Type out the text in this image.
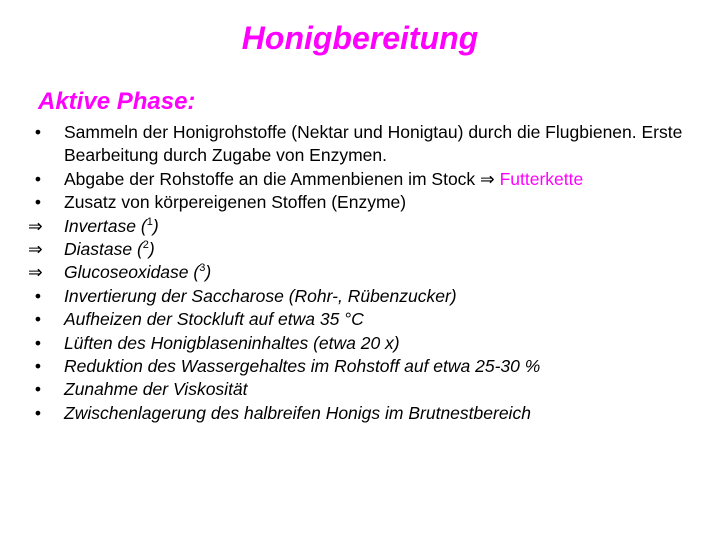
Honigbereitung
Aktive Phase:
•	Sammeln der Honigrohstoffe (Nektar und Honigtau) durch die Flugbienen. Erste Bearbeitung durch Zugabe von Enzymen.
•	Abgabe der Rohstoffe an die Ammenbienen im Stock ⇒ Futterkette
•	Zusatz von körpereigenen Stoffen (Enzyme)
⇒	Invertase ($^1$)
⇒	Diastase ($^2$)
⇒	Glucoseoxidase ($^3$)
•	Invertierung der Saccharose (Rohr-, Rübenzucker)
•	Aufheizen der Stockluft auf etwa 35 °C
•	Lüften des Honigblaseninhaltes (etwa 20 x)
•	Reduktion des Wassergehaltes im Rohstoff auf etwa 25-30 %
•	Zunahme der Viskosität
•	Zwischenlagerung des halbreifen Honigs im Brutnestbereich
